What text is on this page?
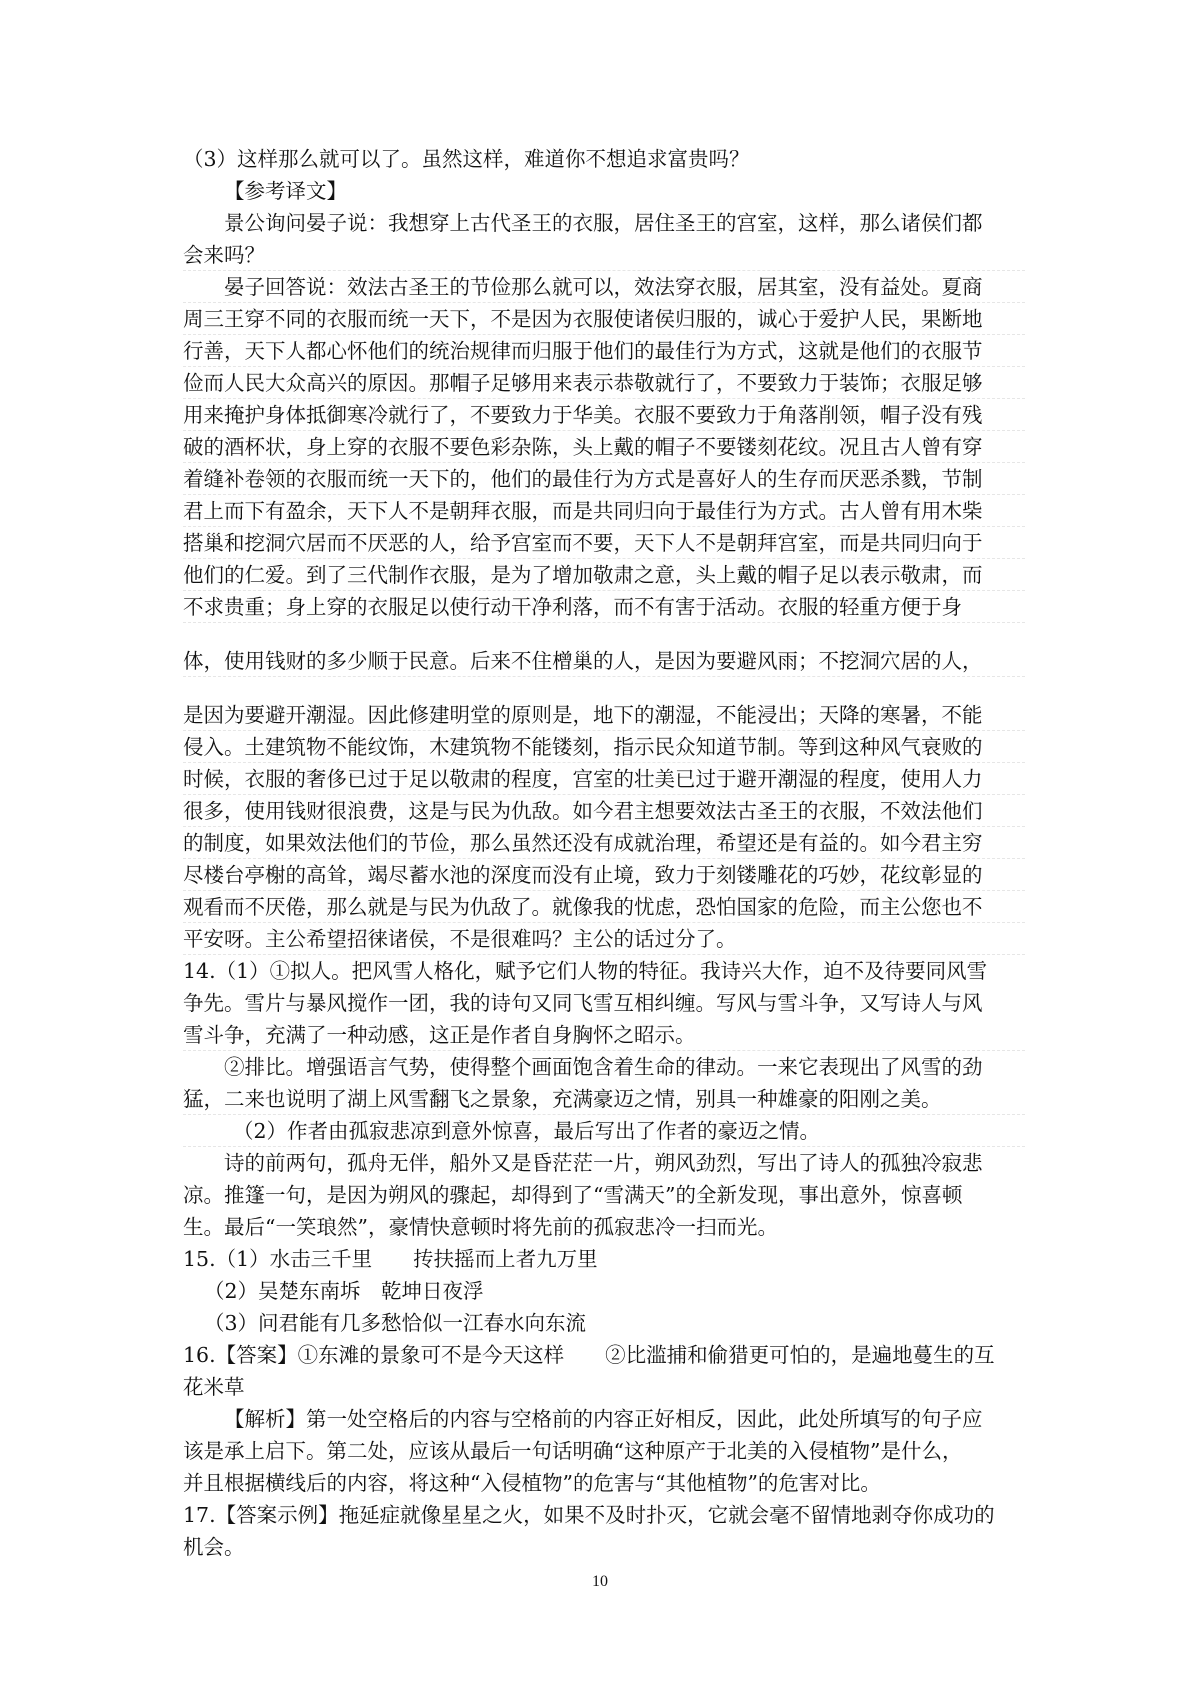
（3）这样那么就可以了。虽然这样，难道你不想追求富贵吗？
【参考译文】
景公询问晏子说：我想穿上古代圣王的衣服，居住圣王的宫室，这样，那么诸侯们都
会来吗？
晏子回答说：效法古圣王的节俭那么就可以，效法穿衣服，居其室，没有益处。夏商
周三王穿不同的衣服而统一天下，不是因为衣服使诸侯归服的，诚心于爱护人民，果断地
行善，天下人都心怀他们的统治规律而归服于他们的最佳行为方式，这就是他们的衣服节
俭而人民大众高兴的原因。那帽子足够用来表示恭敬就行了，不要致力于装饰；衣服足够
用来掩护身体抵御寒冷就行了，不要致力于华美。衣服不要致力于角落削领，帽子没有残
破的酒杯状，身上穿的衣服不要色彩杂陈，头上戴的帽子不要镂刻花纹。况且古人曾有穿
着缝补卷领的衣服而统一天下的，他们的最佳行为方式是喜好人的生存而厌恶杀戮，节制
君上而下有盈余，天下人不是朝拜衣服，而是共同归向于最佳行为方式。古人曾有用木柴
搭巢和挖洞穴居而不厌恶的人，给予宫室而不要，天下人不是朝拜宫室，而是共同归向于
他们的仁爱。到了三代制作衣服，是为了增加敬肃之意，头上戴的帽子足以表示敬肃，而
不求贵重；身上穿的衣服足以使行动干净利落，而不有害于活动。衣服的轻重方便于身
体，使用钱财的多少顺于民意。后来不住橧巢的人，是因为要避风雨；不挖洞穴居的人，
是因为要避开潮湿。因此修建明堂的原则是，地下的潮湿，不能浸出；天降的寒暑，不能
侵入。土建筑物不能纹饰，木建筑物不能镂刻，指示民众知道节制。等到这种风气衰败的
时候，衣服的奢侈已过于足以敬肃的程度，宫室的壮美已过于避开潮湿的程度，使用人力
很多，使用钱财很浪费，这是与民为仇敌。如今君主想要效法古圣王的衣服，不效法他们
的制度，如果效法他们的节俭，那么虽然还没有成就治理，希望还是有益的。如今君主穷
尽楼台亭榭的高耸，竭尽蓄水池的深度而没有止境，致力于刻镂雕花的巧妙，花纹彰显的
观看而不厌倦，那么就是与民为仇敌了。就像我的忧虑，恐怕国家的危险，而主公您也不
平安呀。主公希望招徕诸侯，不是很难吗？主公的话过分了。
14.（1）①拟人。把风雪人格化，赋予它们人物的特征。我诗兴大作，迫不及待要同风雪
争先。雪片与暴风搅作一团，我的诗句又同飞雪互相纠缠。写风与雪斗争，又写诗人与风
雪斗争，充满了一种动感，这正是作者自身胸怀之昭示。
②排比。增强语言气势，使得整个画面饱含着生命的律动。一来它表现出了风雪的劲
猛，二来也说明了湖上风雪翻飞之景象，充满豪迈之情，别具一种雄豪的阳刚之美。
（2）作者由孤寂悲凉到意外惊喜，最后写出了作者的豪迈之情。
诗的前两句，孤舟无伴，船外又是昏茫茫一片，朔风劲烈，写出了诗人的孤独冷寂悲
凉。推篷一句，是因为朔风的骤起，却得到了“雪满天”的全新发现，事出意外，惊喜顿
生。最后“一笑琅然”，豪情快意顿时将先前的孤寂悲冷一扫而光。
15.（1）水击三千里　　抟扶摇而上者九万里
（2）吴楚东南坼　乾坤日夜浮
（3）问君能有几多愁恰似一江春水向东流
16.【答案】①东滩的景象可不是今天这样　　②比滥捕和偷猎更可怕的，是遍地蔓生的互
花米草
【解析】第一处空格后的内容与空格前的内容正好相反，因此，此处所填写的句子应
该是承上启下。第二处，应该从最后一句话明确“这种原产于北美的入侵植物”是什么，
并且根据横线后的内容，将这种“入侵植物”的危害与“其他植物”的危害对比。
17.【答案示例】拖延症就像星星之火，如果不及时扑灭，它就会毫不留情地剥夺你成功的
机会。
10
